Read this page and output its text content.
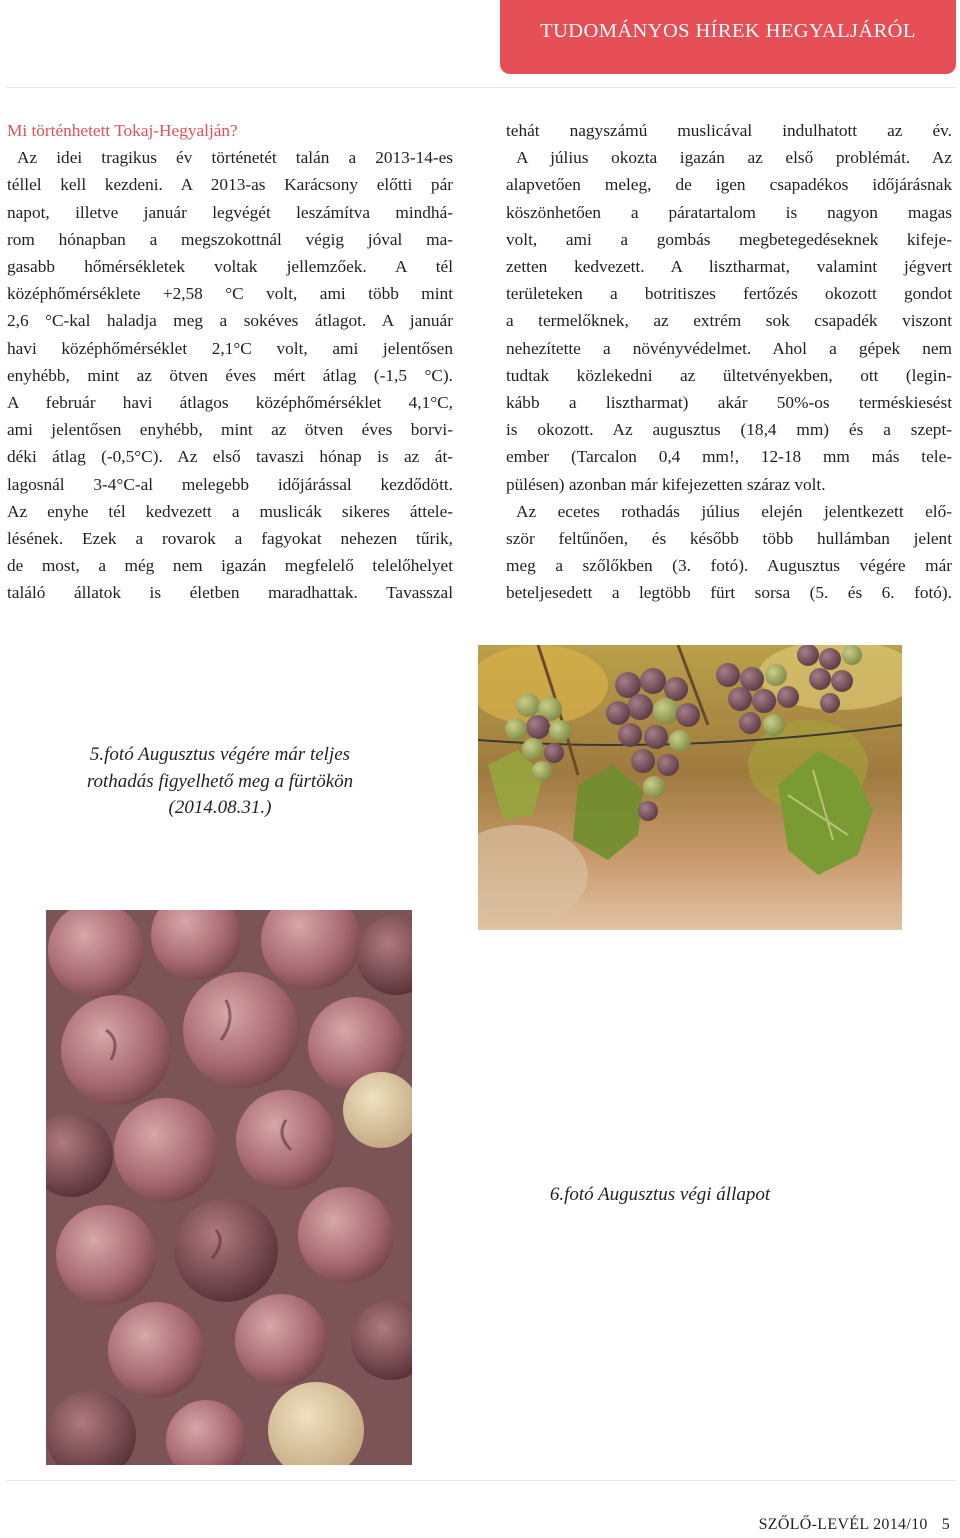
TUDOMÁNYOS HÍREK HEGYALJÁRÓL

Mi történhetett Tokaj-Hegyalján?

Az idei tragikus év történetét talán a 2013-14-es

téllel kell kezdeni. A 2013-as Karácsony előtti pár

napot, illetve január legvégét leszámítva mindhá-

rom hónapban a megszokottnál végig jóval ma-

gasabb hőmérsékletek voltak jellemzőek. A tél

középhőmérséklete +2,58 °C volt, ami több mint

2,6 °C-kal haladja meg a sokéves átlagot. A január

havi középhőmérséklet 2,1°C volt, ami jelentősen

enyhébb, mint az ötven éves mért átlag (-1,5 °C).

A február havi átlagos középhőmérséklet 4,1°C,

ami jelentősen enyhébb, mint az ötven éves borvi-

déki átlag (-0,5°C). Az első tavaszi hónap is az át-

lagosnál 3-4°C-al melegebb időjárással kezdődött.

Az enyhe tél kedvezett a muslicák sikeres áttele-

lésének. Ezek a rovarok a fagyokat nehezen tűrik,

de most, a még nem igazán megfelelő telelőhelyet

találó állatok is életben maradhattak. Tavasszal

tehát nagyszámú muslicával indulhatott az év.

A július okozta igazán az első problémát. Az

alapvetően meleg, de igen csapadékos időjárásnak

köszönhetően a páratartalom is nagyon magas

volt, ami a gombás megbetegedéseknek kifeje-

zetten kedvezett. A lisztharmat, valamint jégvert

területeken a botritiszes fertőzés okozott gondot

a termelőknek, az extrém sok csapadék viszont

nehezítette a növényvédelmet. Ahol a gépek nem

tudtak közlekedni az ültetvényekben, ott (legin-

kább a lisztharmat) akár 50%-os terméskiesést

is okozott. Az augusztus (18,4 mm) és a szept-

ember (Tarcalon 0,4 mm!, 12-18 mm más tele-

pülésen) azonban már kifejezetten száraz volt.

Az ecetes rothadás július elején jelentkezett elő-

ször feltűnően, és később több hullámban jelent

meg a szőlőkben (3. fotó). Augusztus végére már

beteljesedett a legtöbb fürt sorsa (5. és 6. fotó).

5.fotó Augusztus végére már teljes
rothadás figyelhető meg a fürtökön
(2014.08.31.)
6.fotó Augusztus végi állapot
SZŐLŐ-LEVÉL 2014/10 5
